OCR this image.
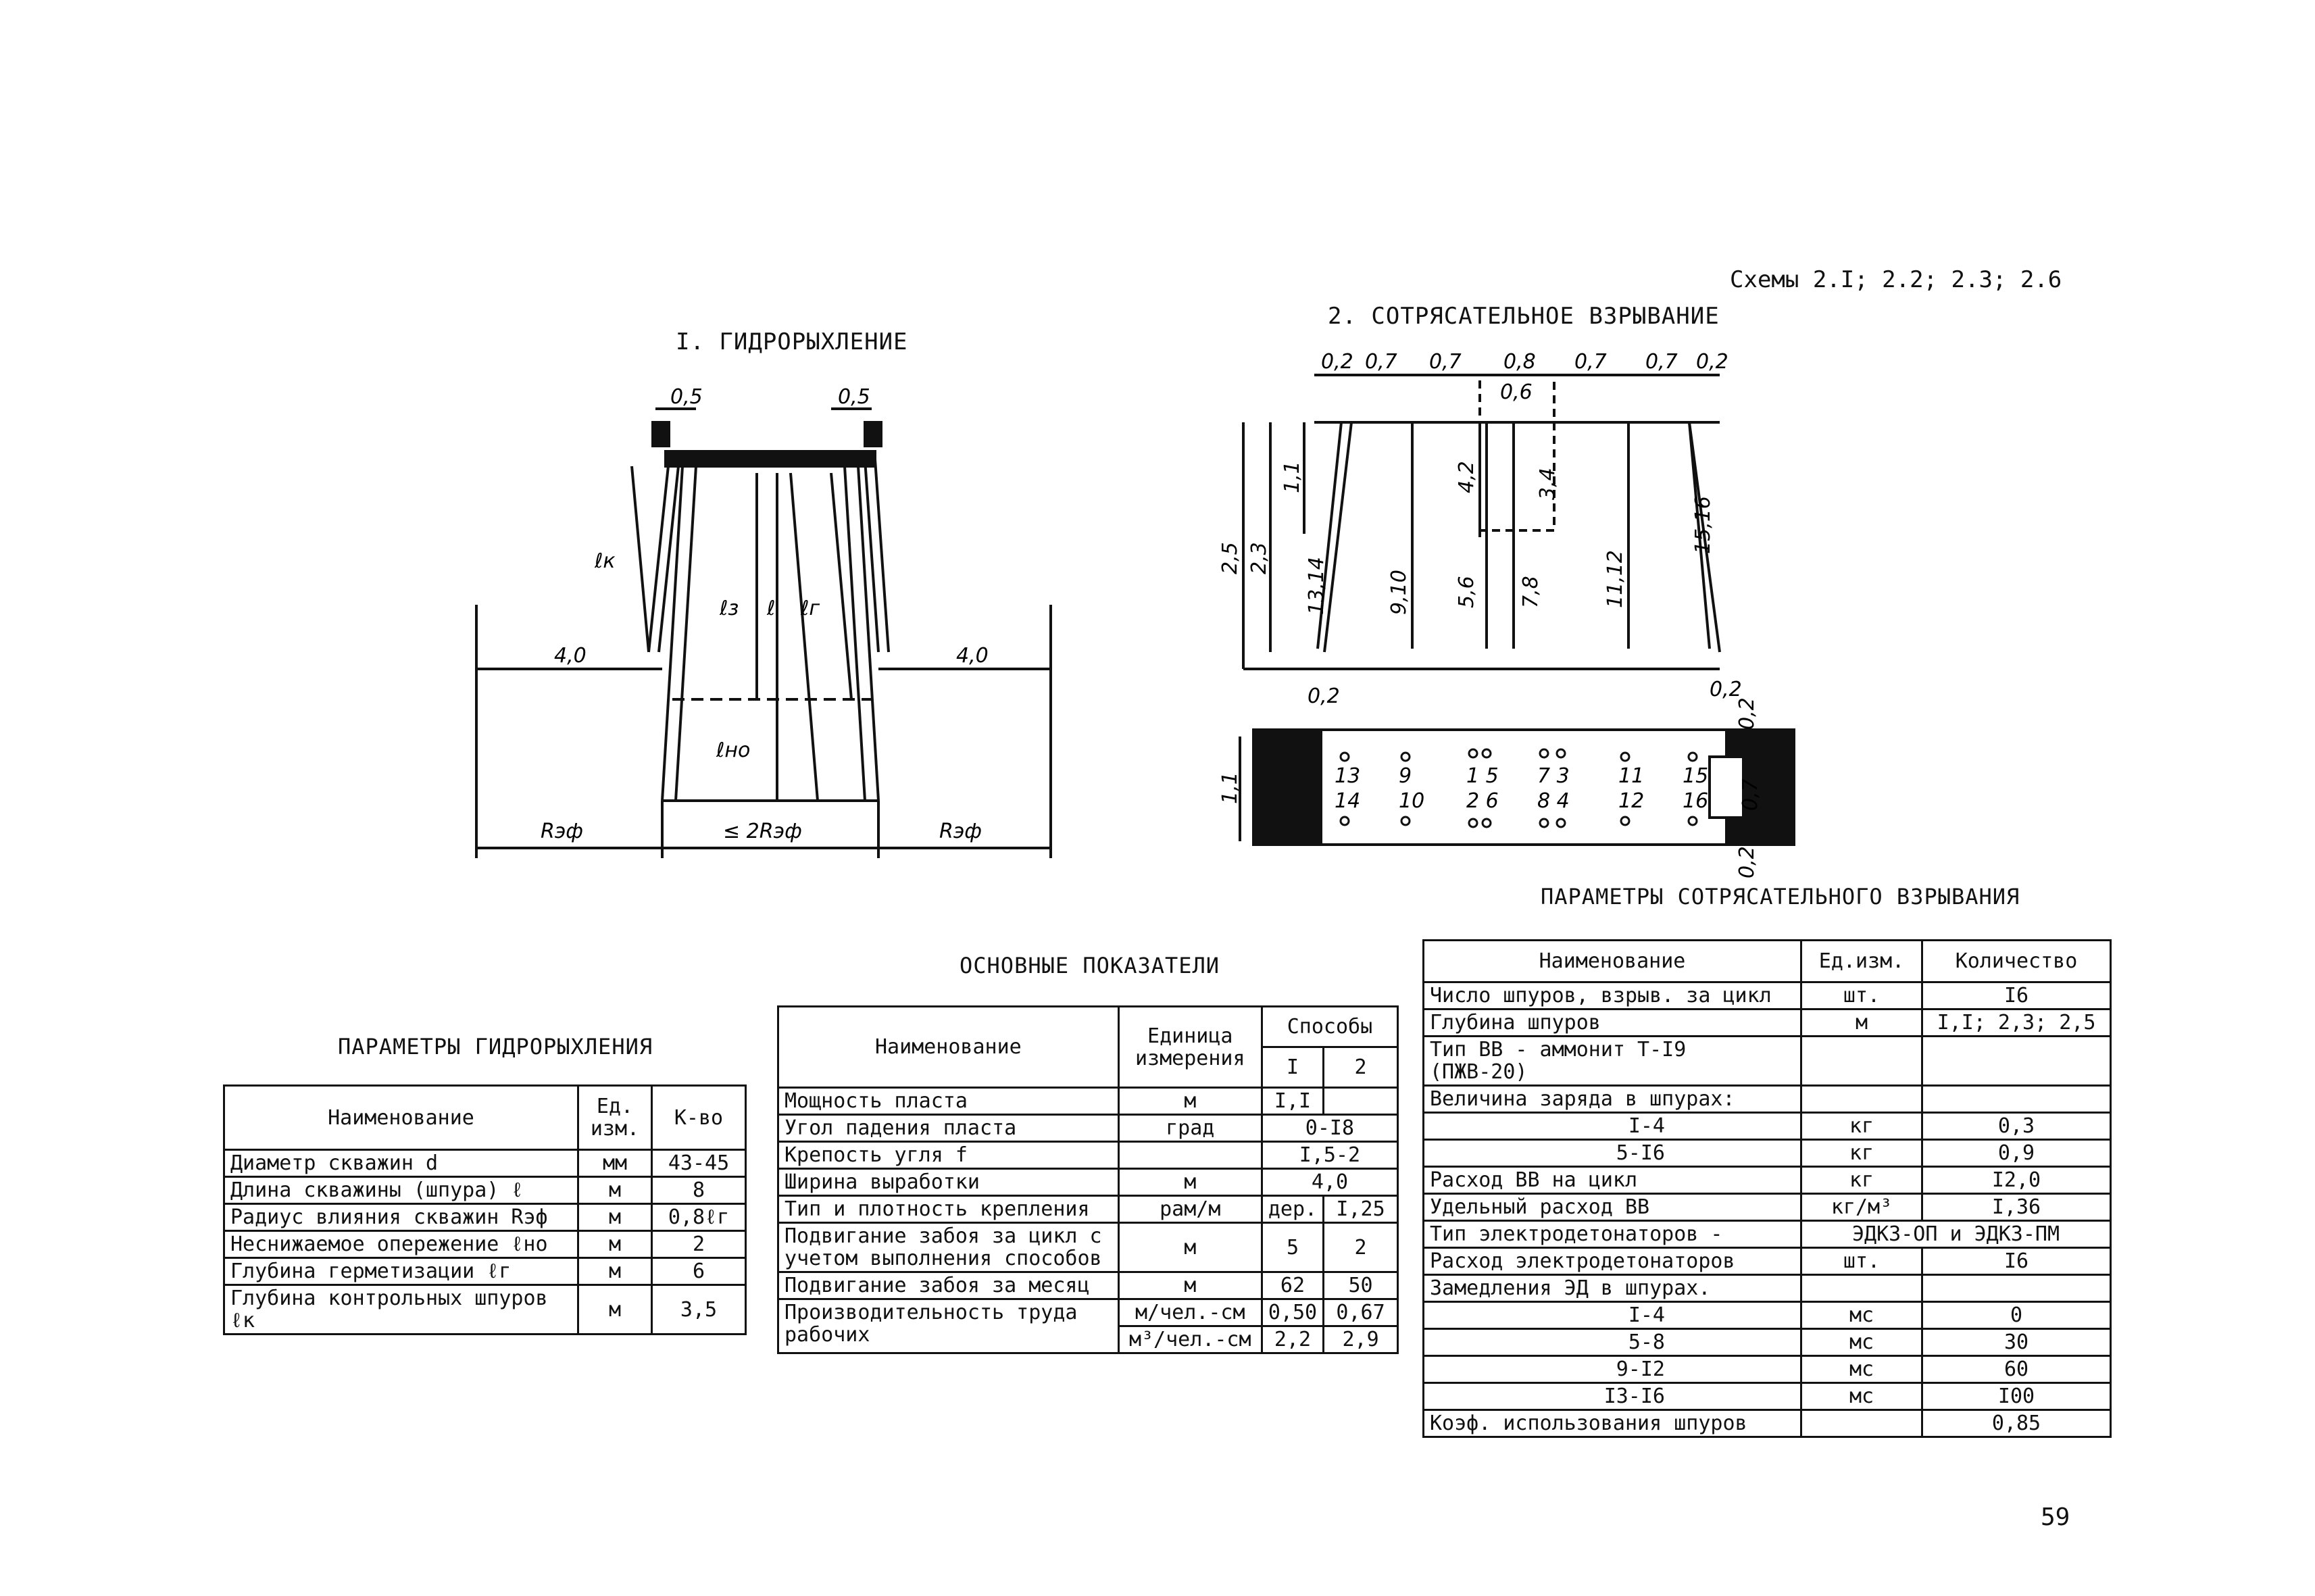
Схемы 2.I; 2.2; 2.3; 2.6
I. ГИДРОРЫХЛЕНИЕ
2. СОТРЯСАТЕЛЬНОЕ ВЗРЫВАНИЕ
0,5	0,5
4,0	4,0
Rэф	≤ 2Rэф	Rэф
ℓк
ℓз ℓ ℓг
ℓно
0,2 0,7 0,7 0,8 0,7 0,7 0,2
0,6
2,5 2,3
1,1
13,14	9,10
4,2
5,6 7,8
3,4
11,12
15,16
0,2	0,2
1,1
0,2
0,7
0,2
13 9	1 5 7 3 11 15
14 10 2 6 8 4 12 16
ПАРАМЕТРЫ ГИДРОРЫХЛЕНИЯ
Наименование	Ед. изм.	К-во
Диаметр скважин d	мм	43-45
Длина скважины (шпура) ℓ	м	8
Радиус влияния скважин Rэф	м	0,8ℓг
Неснижаемое опережение ℓно	м	2
Глубина герметизации ℓг	м	6
Глубина контрольных шпуров ℓк	м	3,5
ОСНОВНЫЕ ПОКАЗАТЕЛИ
Наименование	Единица измерения	Способы	
		I	2
Мощность пласта	м	I,I	
Угол падения пласта	град	0-I8	
Крепость угля f		I,5-2	
Ширина выработки	м	4,0	
Тип и плотность крепления	рам/м	дер.	I,25
Подвигание забоя за цикл с учетом выполнения способов	м	5	2
Подвигание забоя за месяц	м	62	50
Производительность труда рабочих	м/чел.-см	0,50	0,67
	м³/чел.-см	2,2	2,9
ПАРАМЕТРЫ СОТРЯСАТЕЛЬНОГО ВЗРЫВАНИЯ
Наименование	Ед.изм.	Количество
Число шпуров, взрыв. за цикл	шт.	I6
Глубина шпуров	м	I,I; 2,3; 2,5
Тип ВВ - аммонит Т-I9 (ПЖВ-20)		
Величина заряда в шпурах:		
I-4	кг	0,3
5-I6	кг	0,9
Расход ВВ на цикл	кг	I2,0
Удельный расход ВВ	кг/м³	I,36
Тип электродетонаторов -	ЭДКЗ-ОП и ЭДКЗ-ПМ	
Расход электродетонаторов	шт.	I6
Замедления ЭД в шпурах.		
I-4	мс	0
5-8	мс	30
9-I2	мс	60
I3-I6	мс	I00
Коэф. использования шпуров		0,85
59
